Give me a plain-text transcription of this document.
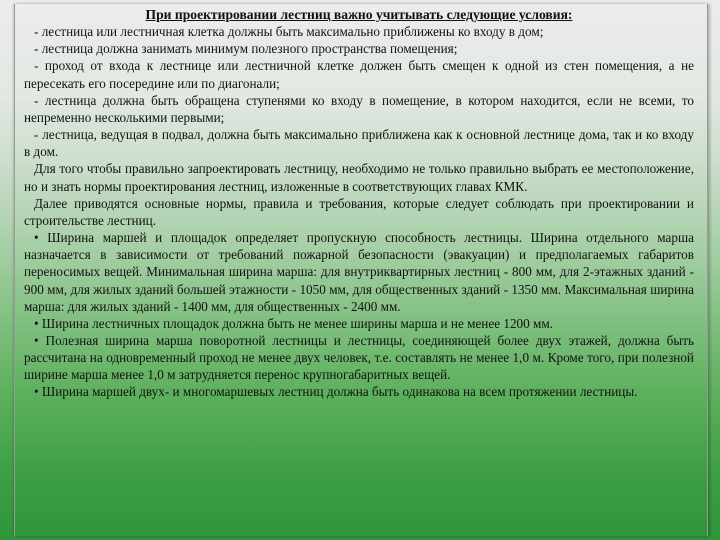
При проектировании лестниц важно учитывать следующие условия:

- лестница или лестничная клетка должны быть максимально приближены ко входу в дом;

- лестница должна занимать минимум полезного пространства помещения;

- проход от входа к лестнице или лестничной клетке должен быть смещен к одной из стен помещения, а не пересекать его посередине или по диагонали;

- лестница должна быть обращена ступенями ко входу в помещение, в котором находится, если не всеми, то непременно несколькими первыми;

- лестница, ведущая в подвал, должна быть максимально приближена как к основной лестнице дома, так и ко входу в дом.

Для того чтобы правильно запроектировать лестницу, необходимо не только правильно выбрать ее местоположение, но и знать нормы проектирования лестниц, изложенные в соответствующих главах КМК.

Далее приводятся основные нормы, правила и требования, которые следует соблюдать при проектировании и строительстве лестниц.

• Ширина маршей и площадок определяет пропускную способность лестницы. Ширина отдельного марша назначается в зависимости от требований пожарной безопасности (эвакуации) и предполагаемых габаритов переносимых вещей. Минимальная ширина марша: для внутриквартирных лестниц - 800 мм, для 2-этажных зданий - 900 мм, для жилых зданий большей этажности - 1050 мм, для общественных зданий - 1350 мм. Максимальная ширина марша: для жилых зданий - 1400 мм, для общественных - 2400 мм.

• Ширина лестничных площадок должна быть не менее ширины марша и не менее 1200 мм.

• Полезная ширина марша поворотной лестницы и лестницы, соединяющей более двух этажей, должна быть рассчитана на одновременный проход не менее двух человек, т.е. составлять не менее 1,0 м. Кроме того, при полезной ширине марша менее 1,0 м затрудняется перенос крупногабаритных вещей.

• Ширина маршей двух- и многомаршевых лестниц должна быть одинакова на всем протяжении лестницы.
